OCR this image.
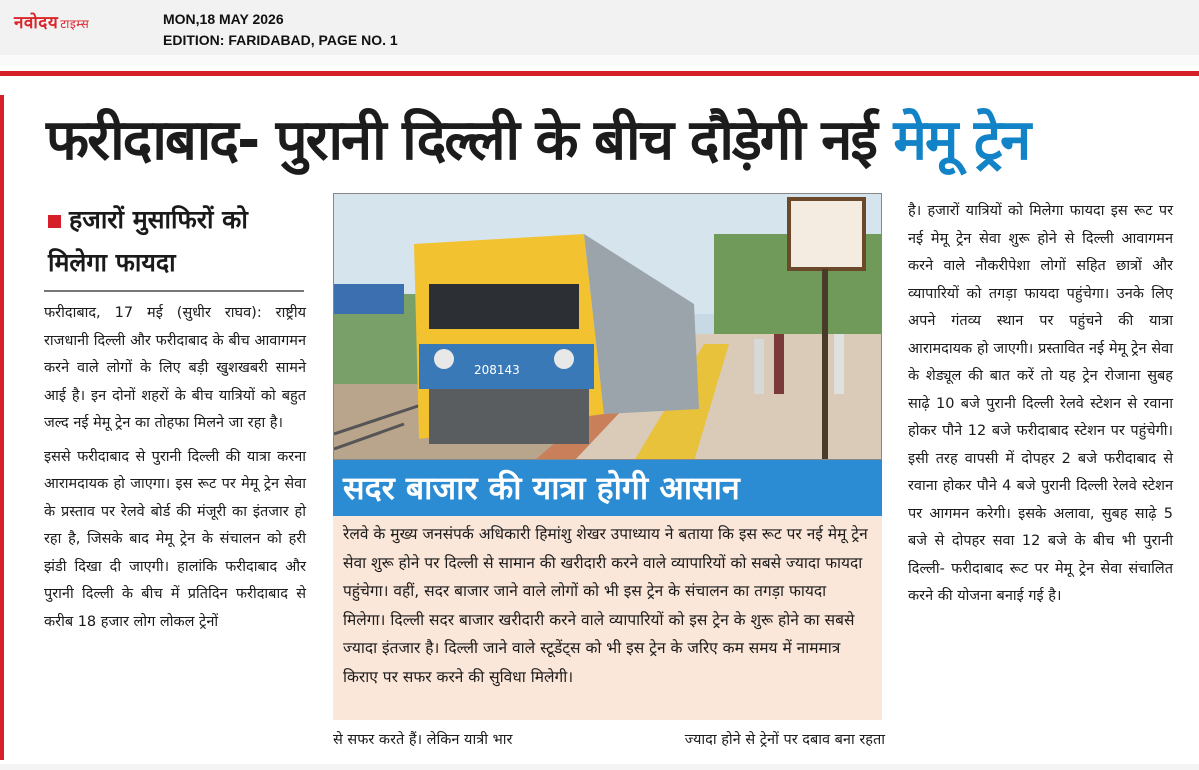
नवोदय टाइम्स	MON,18 MAY 2026
EDITION: FARIDABAD, PAGE NO. 1
फरीदाबाद- पुरानी दिल्ली के बीच दौड़ेगी नई मेमू ट्रेन
हजारों मुसाफिरों को
मिलेगा फायदा

फरीदाबाद, 17 मई (सुधीर राघव): राष्ट्रीय राजधानी दिल्ली और फरीदाबाद के बीच आवागमन करने वाले लोगों के लिए बड़ी खुशखबरी सामने आई है। इन दोनों शहरों के बीच यात्रियों को बहुत जल्द नई मेमू ट्रेन का तोहफा मिलने जा रहा है।

इससे फरीदाबाद से पुरानी दिल्ली की यात्रा करना आरामदायक हो जाएगा। इस रूट पर मेमू ट्रेन सेवा के प्रस्ताव पर रेलवे बोर्ड की मंजूरी का इंतजार हो रहा है, जिसके बाद मेमू ट्रेन के संचालन को हरी झंडी दिखा दी जाएगी। हालांकि फरीदाबाद और पुरानी दिल्ली के बीच में प्रतिदिन फरीदाबाद से करीब 18 हजार लोग लोकल ट्रेनों

208143
सदर बाजार की यात्रा होगी आसान
रेलवे के मुख्य जनसंपर्क अधिकारी हिमांशु शेखर उपाध्याय ने बताया कि इस रूट पर नई मेमू ट्रेन सेवा शुरू होने पर दिल्ली से सामान की खरीदारी करने वाले व्यापारियों को सबसे ज्यादा फायदा पहुंचेगा। वहीं, सदर बाजार जाने वाले लोगों को भी इस ट्रेन के संचालन का तगड़ा फायदा मिलेगा। दिल्ली सदर बाजार खरीदारी करने वाले व्यापारियों को इस ट्रेन के शुरू होने का सबसे ज्यादा इंतजार है। दिल्ली जाने वाले स्टूडेंट्स को भी इस ट्रेन के जरिए कम समय में नाममात्र किराए पर सफर करने की सुविधा मिलेगी।
से सफर करते हैं। लेकिन यात्री भार	ज्यादा होने से ट्रेनों पर दबाव बना रहता

है। हजारों यात्रियों को मिलेगा फायदा इस रूट पर नई मेमू ट्रेन सेवा शुरू होने से दिल्ली आवागमन करने वाले नौकरीपेशा लोगों सहित छात्रों और व्यापारियों को तगड़ा फायदा पहुंचेगा। उनके लिए अपने गंतव्य स्थान पर पहुंचने की यात्रा आरामदायक हो जाएगी। प्रस्तावित नई मेमू ट्रेन सेवा के शेड्यूल की बात करें तो यह ट्रेन रोजाना सुबह साढ़े 10 बजे पुरानी दिल्ली रेलवे स्टेशन से रवाना होकर पौने 12 बजे फरीदाबाद स्टेशन पर पहुंचेगी। इसी तरह वापसी में दोपहर 2 बजे फरीदाबाद से रवाना होकर पौने 4 बजे पुरानी दिल्ली रेलवे स्टेशन पर आगमन करेगी। इसके अलावा, सुबह साढ़े 5 बजे से दोपहर सवा 12 बजे के बीच भी पुरानी दिल्ली- फरीदाबाद रूट पर मेमू ट्रेन सेवा संचालित करने की योजना बनाई गई है।
